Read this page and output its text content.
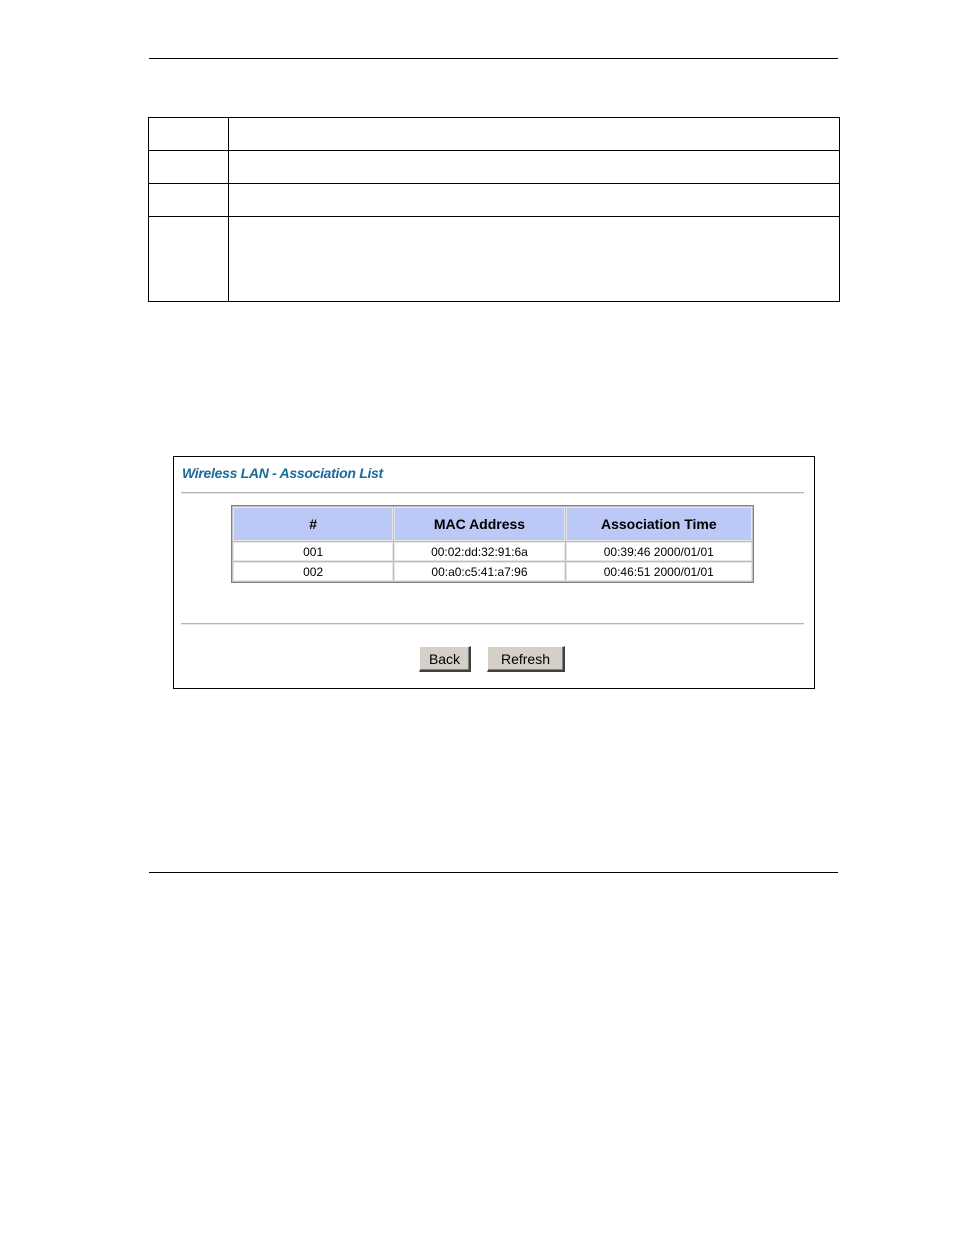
Wireless LAN - Association List
#	MAC Address	Association Time
001	00:02:dd:32:91:6a	00:39:46 2000/01/01
002	00:a0:c5:41:a7:96	00:46:51 2000/01/01
Back	Refresh
